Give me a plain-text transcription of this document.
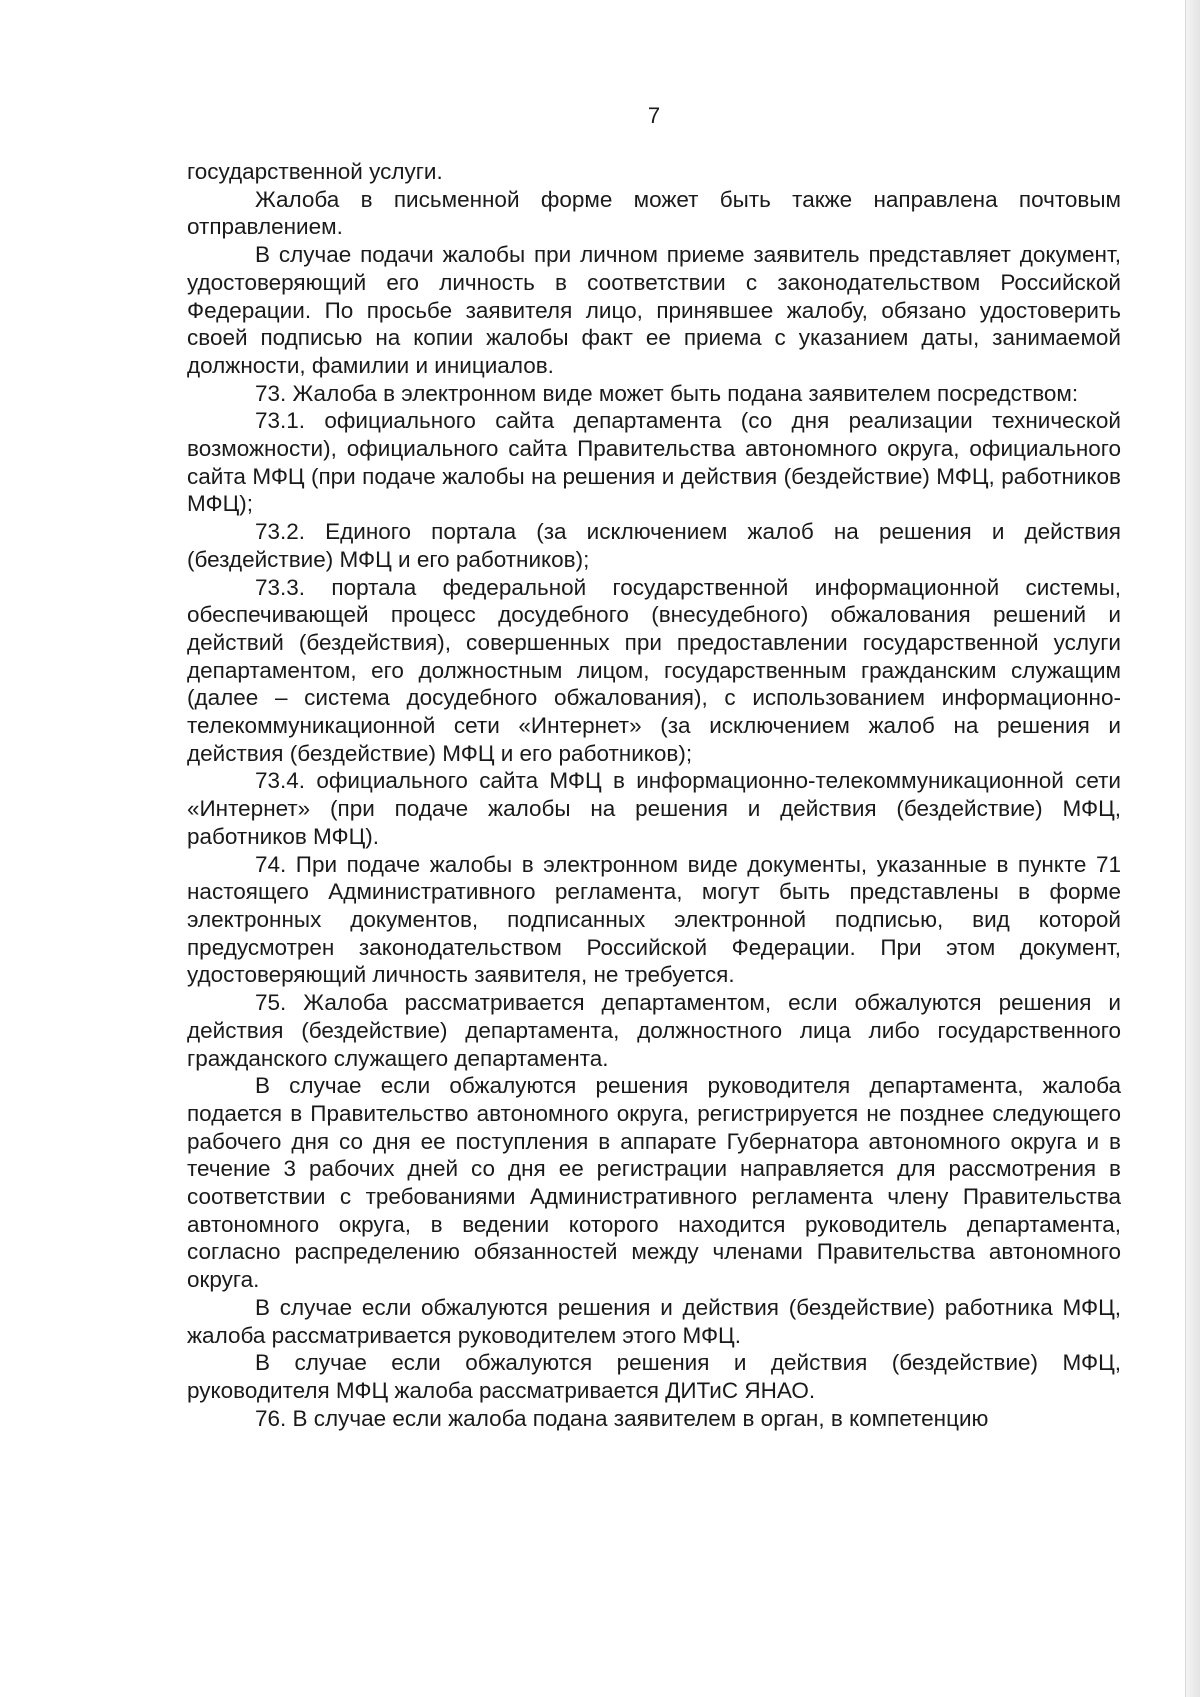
7

государственной услуги.

Жалоба в письменной форме может быть также направлена почтовым отправлением.

В случае подачи жалобы при личном приеме заявитель представляет документ, удостоверяющий его личность в соответствии с законодательством Российской Федерации. По просьбе заявителя лицо, принявшее жалобу, обязано удостоверить своей подписью на копии жалобы факт ее приема с указанием даты, занимаемой должности, фамилии и инициалов.

73. Жалоба в электронном виде может быть подана заявителем посредством:

73.1. официального сайта департамента (со дня реализации технической возможности), официального сайта Правительства автономного округа, официального сайта МФЦ (при подаче жалобы на решения и действия (бездействие) МФЦ, работников МФЦ);

73.2. Единого портала (за исключением жалоб на решения и действия (бездействие) МФЦ и его работников);

73.3. портала федеральной государственной информационной системы, обеспечивающей процесс досудебного (внесудебного) обжалования решений и действий (бездействия), совершенных при предоставлении государственной услуги департаментом, его должностным лицом, государственным гражданским служащим (далее – система досудебного обжалования), с использованием информационно-телекоммуникационной сети «Интернет» (за исключением жалоб на решения и действия (бездействие) МФЦ и его работников);

73.4. официального сайта МФЦ в информационно-телекоммуникационной сети «Интернет» (при подаче жалобы на решения и действия (бездействие) МФЦ, работников МФЦ).

74. При подаче жалобы в электронном виде документы, указанные в пункте 71 настоящего Административного регламента, могут быть представлены в форме электронных документов, подписанных электронной подписью, вид которой предусмотрен законодательством Российской Федерации. При этом документ, удостоверяющий личность заявителя, не требуется.

75. Жалоба рассматривается департаментом, если обжалуются решения и действия (бездействие) департамента, должностного лица либо государственного гражданского служащего департамента.

В случае если обжалуются решения руководителя департамента, жалоба подается в Правительство автономного округа, регистрируется не позднее следующего рабочего дня со дня ее поступления в аппарате Губернатора автономного округа и в течение 3 рабочих дней со дня ее регистрации направляется для рассмотрения в соответствии с требованиями Административного регламента члену Правительства автономного округа, в ведении которого находится руководитель департамента, согласно распределению обязанностей между членами Правительства автономного округа.

В случае если обжалуются решения и действия (бездействие) работника МФЦ, жалоба рассматривается руководителем этого МФЦ.

В случае если обжалуются решения и действия (бездействие) МФЦ, руководителя МФЦ жалоба рассматривается ДИТиС ЯНАО.

76. В случае если жалоба подана заявителем в орган, в компетенцию
